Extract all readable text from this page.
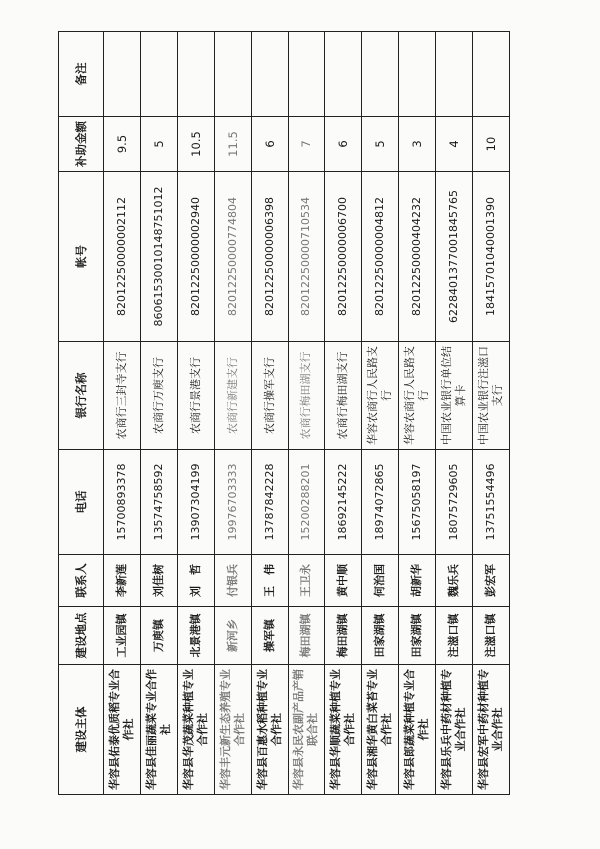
建设主体	建设地点	联系人	电话	银行名称	帐号	补助金额	备注
华容县佑泰优质稻专业合作社	工业园镇	李新莲	15700893378	农商行三封寺支行	82012250000002112	9.5	
华容县佳丽蔬菜专业合作社	万庾镇	刘佳树	13574758592	农商行万庾支行	86061530010148751012	5	
华容县华茂蔬菜种植专业合作社	北景港镇	刘　哲	13907304199	农商行景港支行	82012250000002940	10.5	
华容丰元新生态养殖专业合作社	新河乡	付银兵	19976703333	农商行新建支行	82012250000774804	11.5	
华容县百惠水稻种植专业合作社	操军镇	王　伟	13787842228	农商行操军支行	82012250000006398	6	
华容县永民农副产品产销联合社	梅田湖镇	王卫永	15200288201	农商行梅田湖支行	82012250000710534	7	
华容县华顺蔬菜种植专业合作社	梅田湖镇	黄中顺	18692145222	农商行梅田湖支行	82012250000006700	6	
华容县湘华黄白菜苔专业合作社	田家湖镇	何治国	18974072865	华容农商行人民路支行	82012250000004812	5	
华容县郎蔬菜种植专业合作社	田家湖镇	胡新华	15675058197	华容农商行人民路支行	82012250000404232	3	
华容县乐兵中药材种植专业合作社	注滋口镇	魏乐兵	18075729605	中国农业银行单位结算卡	6228401377001845765	4	
华容县宏军中药材种植专业合作社	注滋口镇	彭宏军	13751554496	中国农业银行注滋口支行	18415701040001390	10	
